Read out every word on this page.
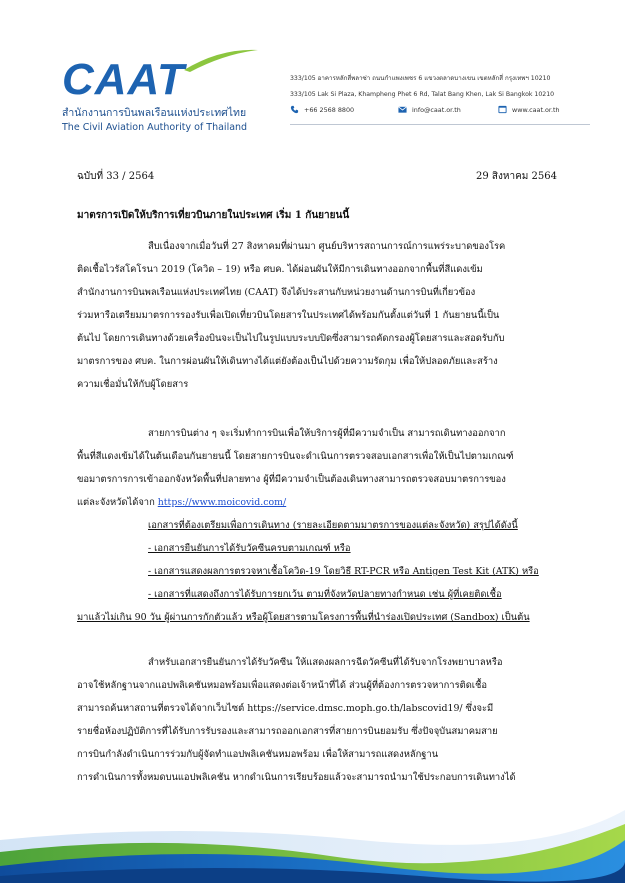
CAAT
สำนักงานการบินพลเรือนแห่งประเทศไทย
The Civil Aviation Authority of Thailand
333/105 อาคารหลักสี่พลาซ่า ถนนกำแพงเพชร 6 แขวงตลาดบางเขน เขตหลักสี่ กรุงเทพฯ 10210
333/105 Lak Si Plaza, Khampheng Phet 6 Rd, Talat Bang Khen, Lak Si Bangkok 10210
+66 2568 8800	info@caat.or.th	www.caat.or.th
ฉบับที่ 33 / 2564	29 สิงหาคม 2564
มาตรการเปิดให้บริการเที่ยวบินภายในประเทศ เริ่ม 1 กันยายนนี้

สืบเนื่องจากเมื่อวันที่ 27 สิงหาคมที่ผ่านมา ศูนย์บริหารสถานการณ์การแพร่ระบาดของโรค

ติดเชื้อไวรัสโคโรนา 2019 (โควิด – 19) หรือ ศบค. ได้ผ่อนผันให้มีการเดินทางออกจากพื้นที่สีแดงเข้ม

สำนักงานการบินพลเรือนแห่งประเทศไทย (CAAT) จึงได้ประสานกับหน่วยงานด้านการบินที่เกี่ยวข้อง

ร่วมหารือเตรียมมาตรการรองรับเพื่อเปิดเที่ยวบินโดยสารในประเทศได้พร้อมกันตั้งแต่วันที่ 1 กันยายนนี้เป็น

ต้นไป โดยการเดินทางด้วยเครื่องบินจะเป็นไปในรูปแบบระบบปิดซึ่งสามารถคัดกรองผู้โดยสารและสอดรับกับ

มาตรการของ ศบค. ในการผ่อนผันให้เดินทางได้แต่ยังต้องเป็นไปด้วยความรัดกุม เพื่อให้ปลอดภัยและสร้าง

ความเชื่อมั่นให้กับผู้โดยสาร

สายการบินต่าง ๆ จะเริ่มทำการบินเพื่อให้บริการผู้ที่มีความจำเป็น สามารถเดินทางออกจาก

พื้นที่สีแดงเข้มได้ในต้นเดือนกันยายนนี้ โดยสายการบินจะดำเนินการตรวจสอบเอกสารเพื่อให้เป็นไปตามเกณฑ์

ขอมาตรการการเข้าออกจังหวัดพื้นที่ปลายทาง ผู้ที่มีความจำเป็นต้องเดินทางสามารถตรวจสอบมาตรการของ

แต่ละจังหวัดได้จาก https://www.moicovid.com/

เอกสารที่ต้องเตรียมเพื่อการเดินทาง (รายละเอียดตามมาตรการของแต่ละจังหวัด) สรุปได้ดังนี้

- เอกสารยืนยันการได้รับวัคซีนครบตามเกณฑ์ หรือ

- เอกสารแสดงผลการตรวจหาเชื้อโควิด-19 โดยวิธี RT-PCR หรือ Antigen Test Kit (ATK) หรือ

- เอกสารที่แสดงถึงการได้รับการยกเว้น ตามที่จังหวัดปลายทางกำหนด เช่น ผู้ที่เคยติดเชื้อ

มาแล้วไม่เกิน 90 วัน ผู้ผ่านการกักตัวแล้ว หรือผู้โดยสารตามโครงการพื้นที่นำร่องเปิดประเทศ (Sandbox) เป็นต้น

สำหรับเอกสารยืนยันการได้รับวัคซีน ให้แสดงผลการฉีดวัคซีนที่ได้รับจากโรงพยาบาลหรือ

อาจใช้หลักฐานจากแอปพลิเคชันหมอพร้อมเพื่อแสดงต่อเจ้าหน้าที่ได้ ส่วนผู้ที่ต้องการตรวจหาการติดเชื้อ

สามารถค้นหาสถานที่ตรวจได้จากเว็บไซต์ https://service.dmsc.moph.go.th/labscovid19/ ซึ่งจะมี

รายชื่อห้องปฏิบัติการที่ได้รับการรับรองและสามารถออกเอกสารที่สายการบินยอมรับ ซึ่งปัจจุบันสมาคมสาย

การบินกำลังดำเนินการร่วมกับผู้จัดทำแอปพลิเคชันหมอพร้อม เพื่อให้สามารถแสดงหลักฐาน

การดำเนินการทั้งหมดบนแอปพลิเคชัน หากดำเนินการเรียบร้อยแล้วจะสามารถนำมาใช้ประกอบการเดินทางได้
